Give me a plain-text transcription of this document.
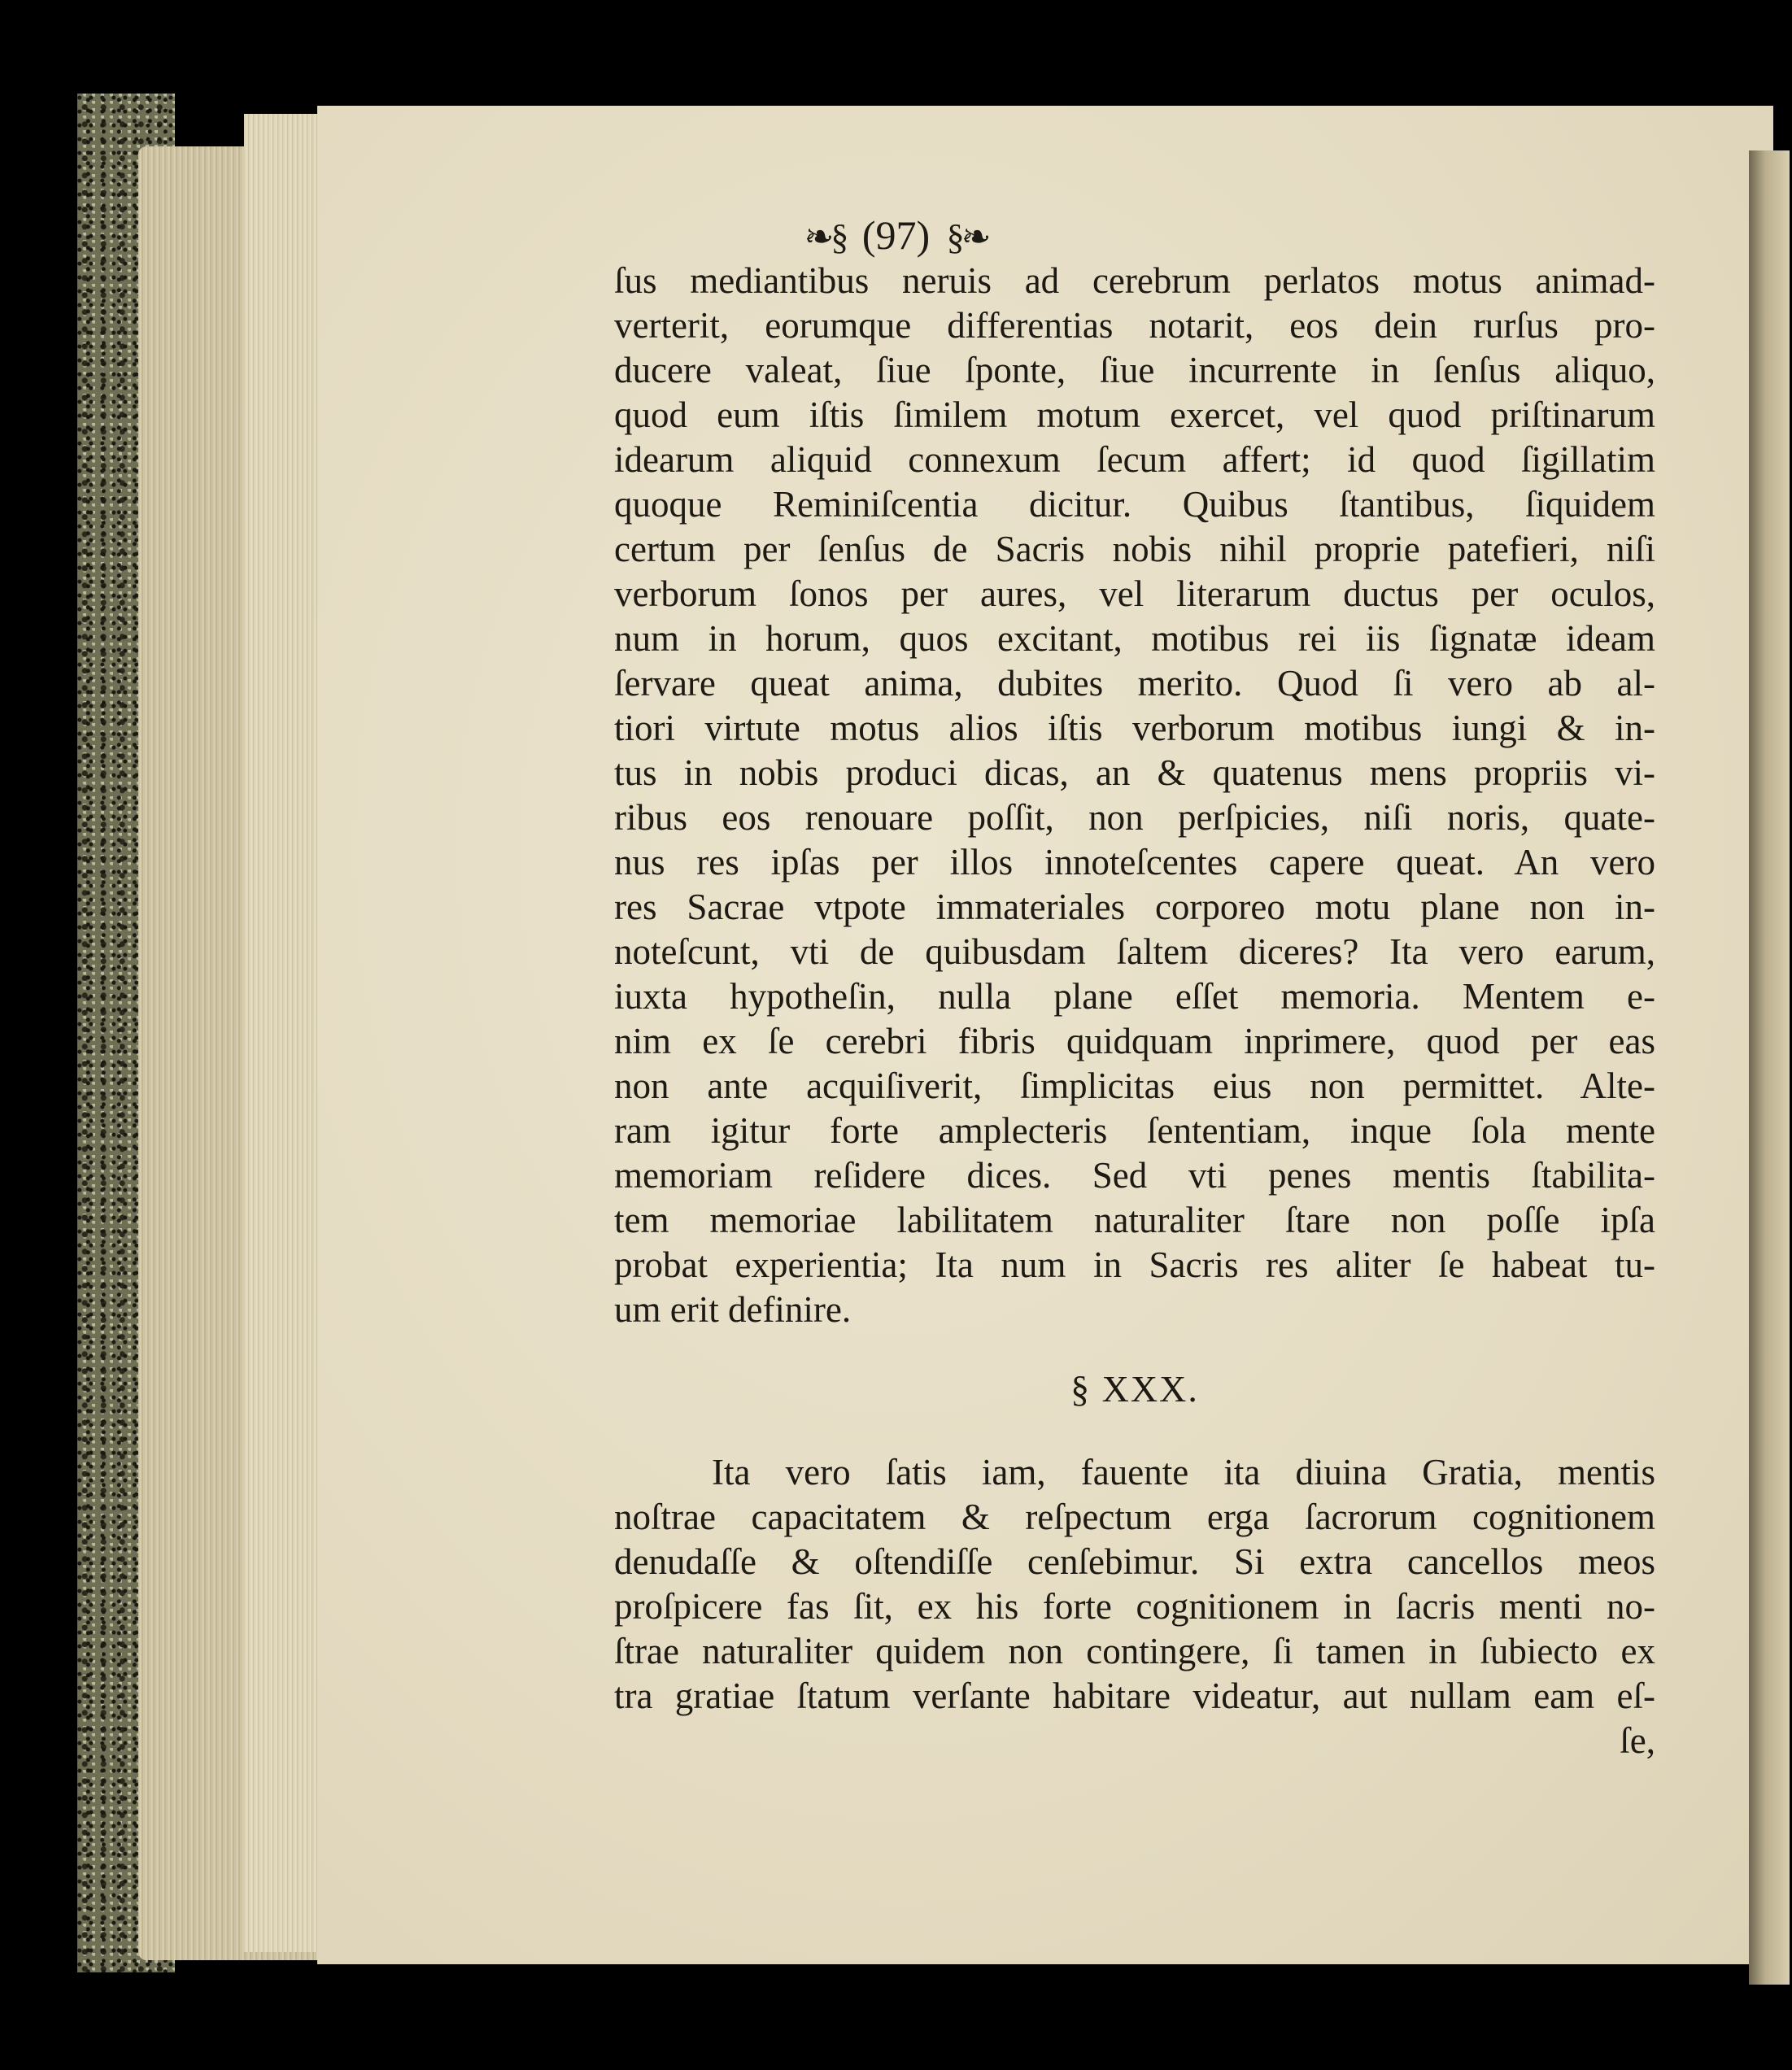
❧§ (97) §❧
ſus mediantibus neruis ad cerebrum perlatos motus animad-
verterit, eorumque differentias notarit, eos dein rurſus pro-
ducere valeat, ſiue ſponte, ſiue incurrente in ſenſus aliquo,
quod eum iſtis ſimilem motum exercet, vel quod priſtinarum
idearum aliquid connexum ſecum affert; id quod ſigillatim
quoque Reminiſcentia dicitur. Quibus ſtantibus, ſiquidem
certum per ſenſus de Sacris nobis nihil proprie patefieri, niſi
verborum ſonos per aures, vel literarum ductus per oculos,
num in horum, quos excitant, motibus rei iis ſignatæ ideam
ſervare queat anima, dubites merito. Quod ſi vero ab al-
tiori virtute motus alios iſtis verborum motibus iungi & in-
tus in nobis produci dicas, an & quatenus mens propriis vi-
ribus eos renouare poſſit, non perſpicies, niſi noris, quate-
nus res ipſas per illos innoteſcentes capere queat. An vero
res Sacrae vtpote immateriales corporeo motu plane non in-
noteſcunt, vti de quibusdam ſaltem diceres? Ita vero earum,
iuxta hypotheſin, nulla plane eſſet memoria. Mentem e-
nim ex ſe cerebri fibris quidquam inprimere, quod per eas
non ante acquiſiverit, ſimplicitas eius non permittet. Alte-
ram igitur forte amplecteris ſententiam, inque ſola mente
memoriam reſidere dices. Sed vti penes mentis ſtabilita-
tem memoriae labilitatem naturaliter ſtare non poſſe ipſa
probat experientia; Ita num in Sacris res aliter ſe habeat tu-
um erit definire.
§ XXX.
Ita vero ſatis iam, fauente ita diuina Gratia, mentis
noſtrae capacitatem & reſpectum erga ſacrorum cognitionem
denudaſſe & oſtendiſſe cenſebimur. Si extra cancellos meos
proſpicere fas ſit, ex his forte cognitionem in ſacris menti no-
ſtrae naturaliter quidem non contingere, ſi tamen in ſubiecto ex
tra gratiae ſtatum verſante habitare videatur, aut nullam eam eſ-
ſe,
